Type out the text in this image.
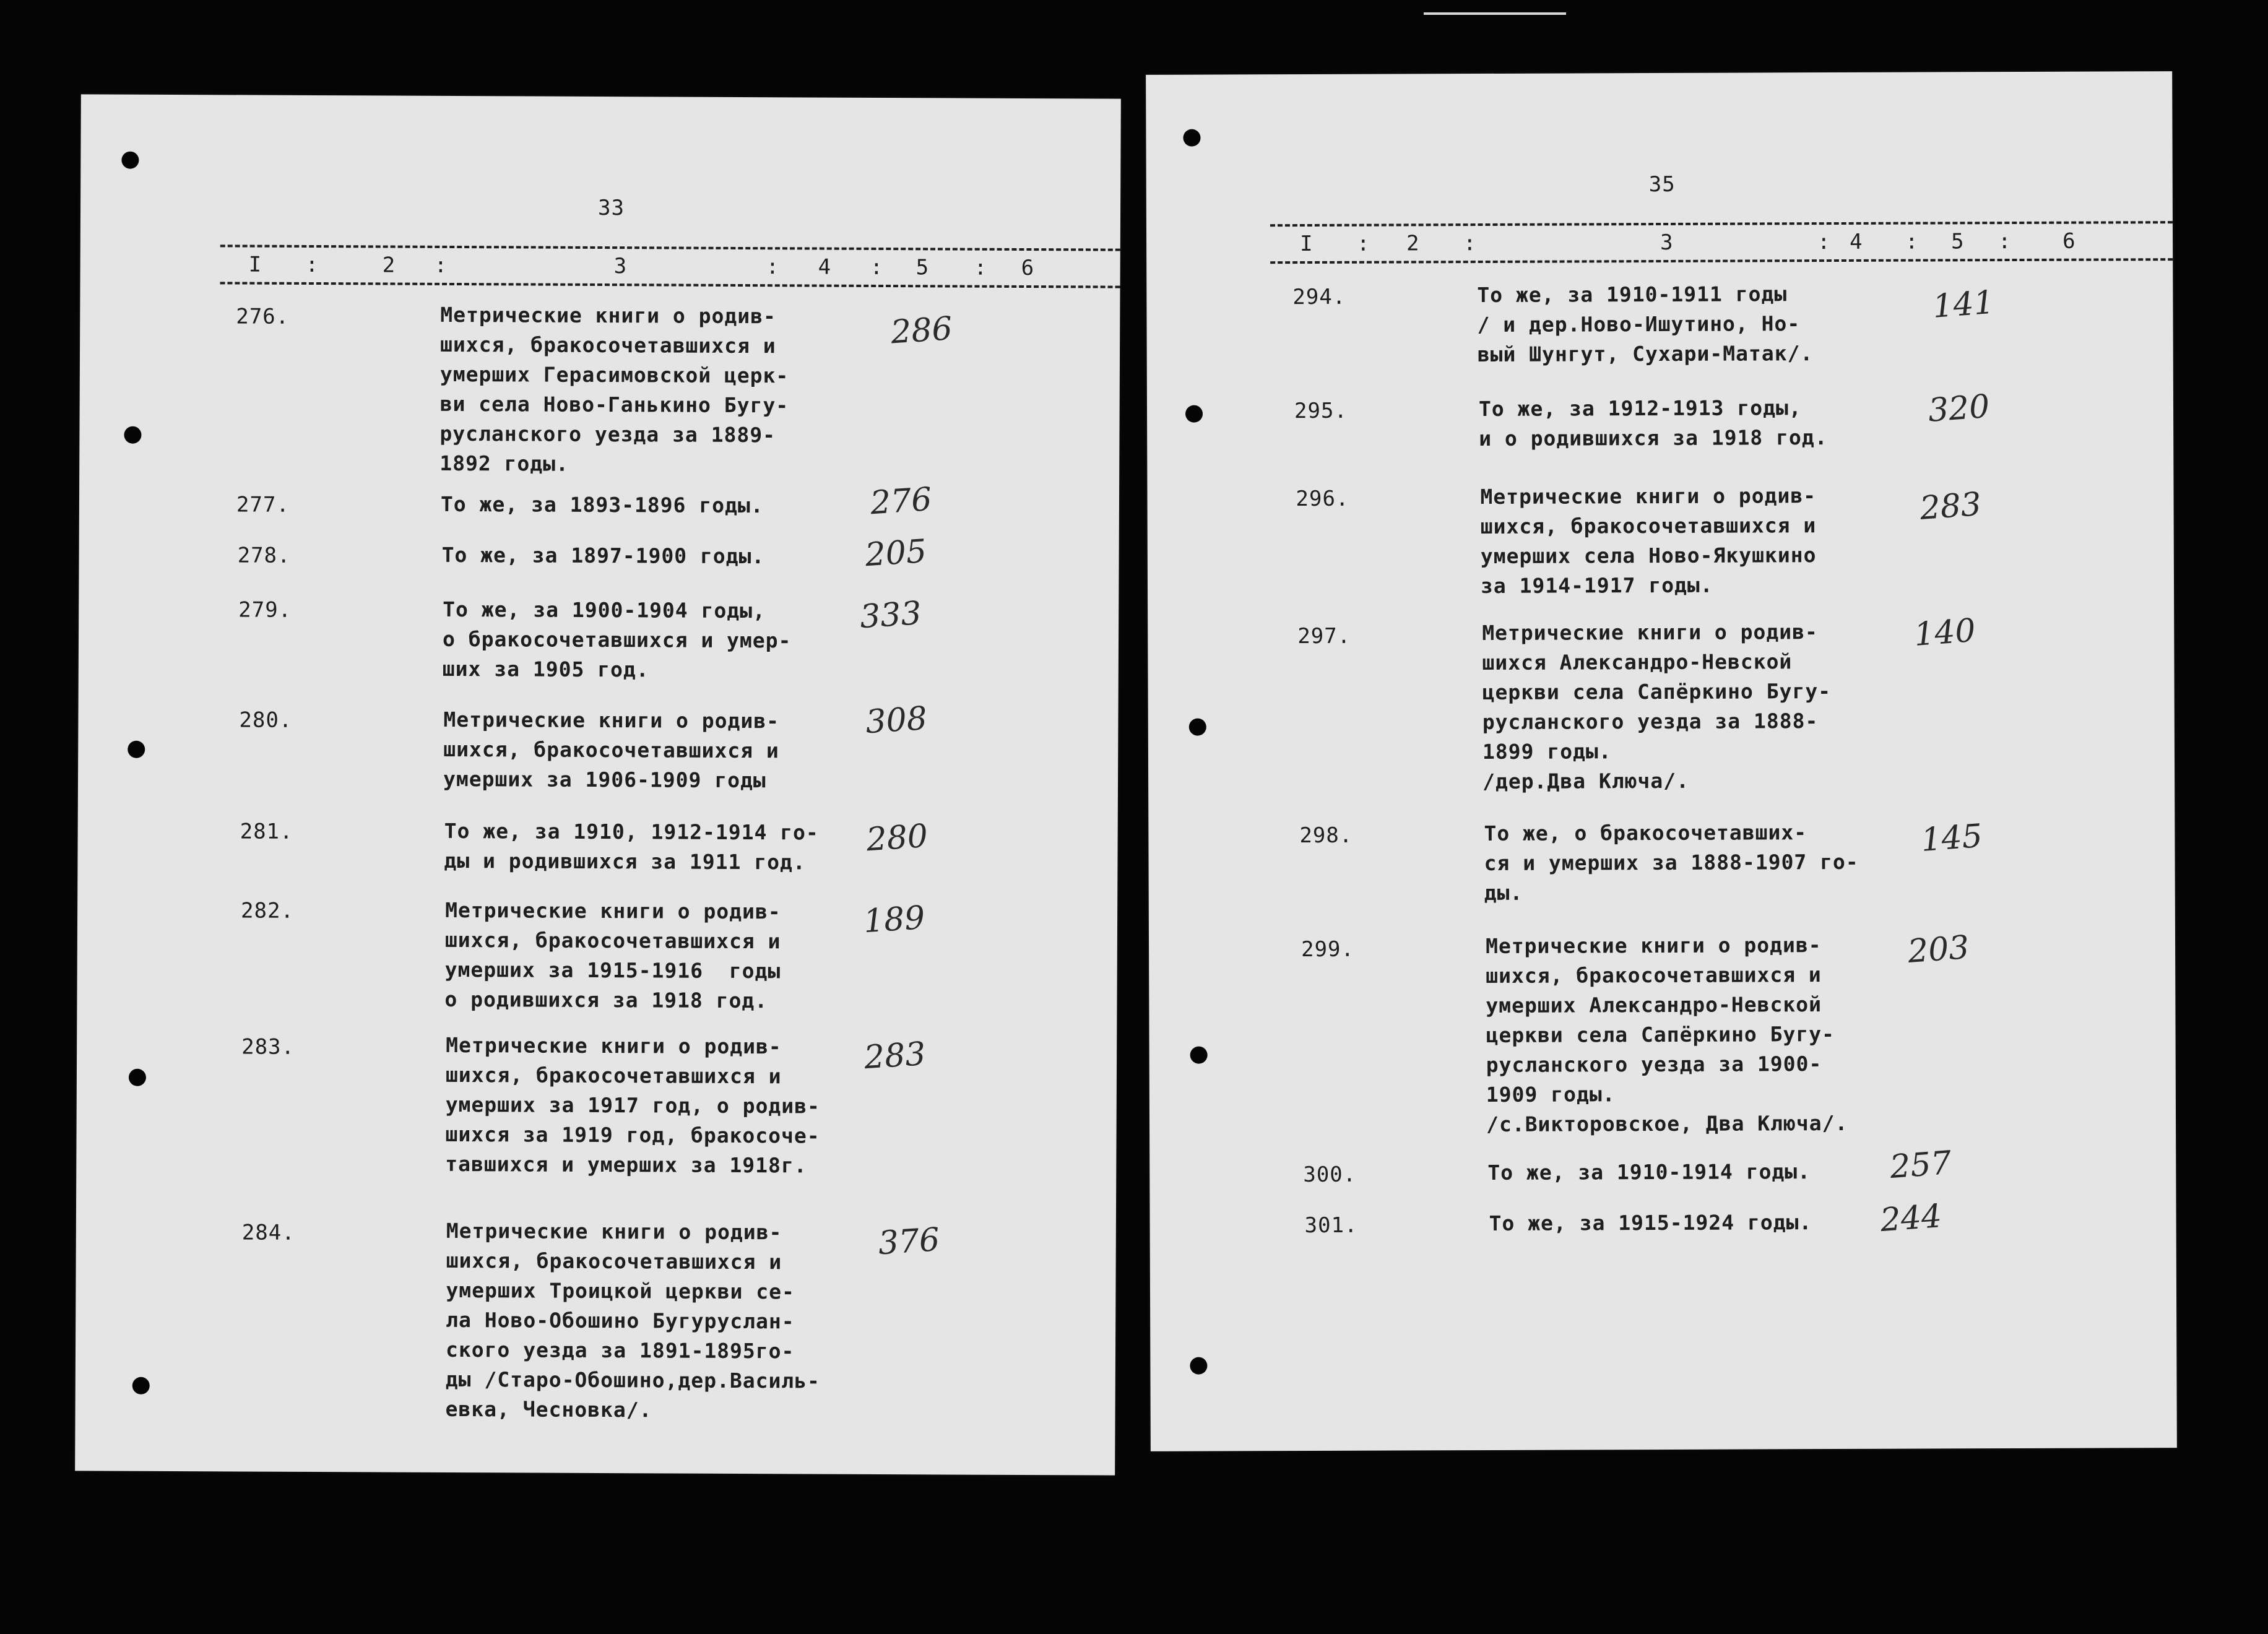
33
I :	2 :	3	: 4 : 5 : 6
276.	Метрические книги о родив-
шихся, бракосочетавшихся и
умерших Герасимовской церк-
ви села Ново-Ганькино Бугу-
русланского уезда за 1889-
1892 годы.
286
277.	То же, за 1893-1896 годы.	276
278.	То же, за 1897-1900 годы.	205
279.	То же, за 1900-1904 годы,
о бракосочетавшихся и умер-
ших за 1905 год.
333
280.	Метрические книги о родив-
шихся, бракосочетавшихся и
умерших за 1906-1909 годы
308
281.	То же, за 1910, 1912-1914 го-
ды и родившихся за 1911 год.
280
282.	Метрические книги о родив-
шихся, бракосочетавшихся и
умерших за 1915-1916  годы
о родившихся за 1918 год.
189
283.	Метрические книги о родив-
шихся, бракосочетавшихся и
умерших за 1917 год, о родив-
шихся за 1919 год, бракосоче-
тавшихся и умерших за 1918г.
283
284.	Метрические книги о родив-
шихся, бракосочетавшихся и
умерших Троицкой церкви се-
ла Ново-Обошино Бугуруслан-
ского уезда за 1891-1895го-
ды /Старо-Обошино,дер.Василь-
евка, Чесновка/.
376
35
I : 2 :	3	: 4 : 5 : 6
294.	То же, за 1910-1911 годы
/ и дер.Ново-Ишутино, Но-
вый Шунгут, Сухари-Матак/.
141
295.	То же, за 1912-1913 годы,
и о родившихся за 1918 год.
320
296.	Метрические книги о родив-
шихся, бракосочетавшихся и
умерших села Ново-Якушкино
за 1914-1917 годы.
283
297.	Метрические книги о родив-
шихся Александро-Невской
церкви села Сапёркино Бугу-
русланского уезда за 1888-
1899 годы.
/дер.Два Ключа/.
140
298.	То же, о бракосочетавших-
ся и умерших за 1888-1907 го-
ды.
145
299.	Метрические книги о родив-
шихся, бракосочетавшихся и
умерших Александро-Невской
церкви села Сапёркино Бугу-
русланского уезда за 1900-
1909 годы.
/с.Викторовское, Два Ключа/.
203
300.	То же, за 1910-1914 годы. 257
301.	То же, за 1915-1924 годы. 244
